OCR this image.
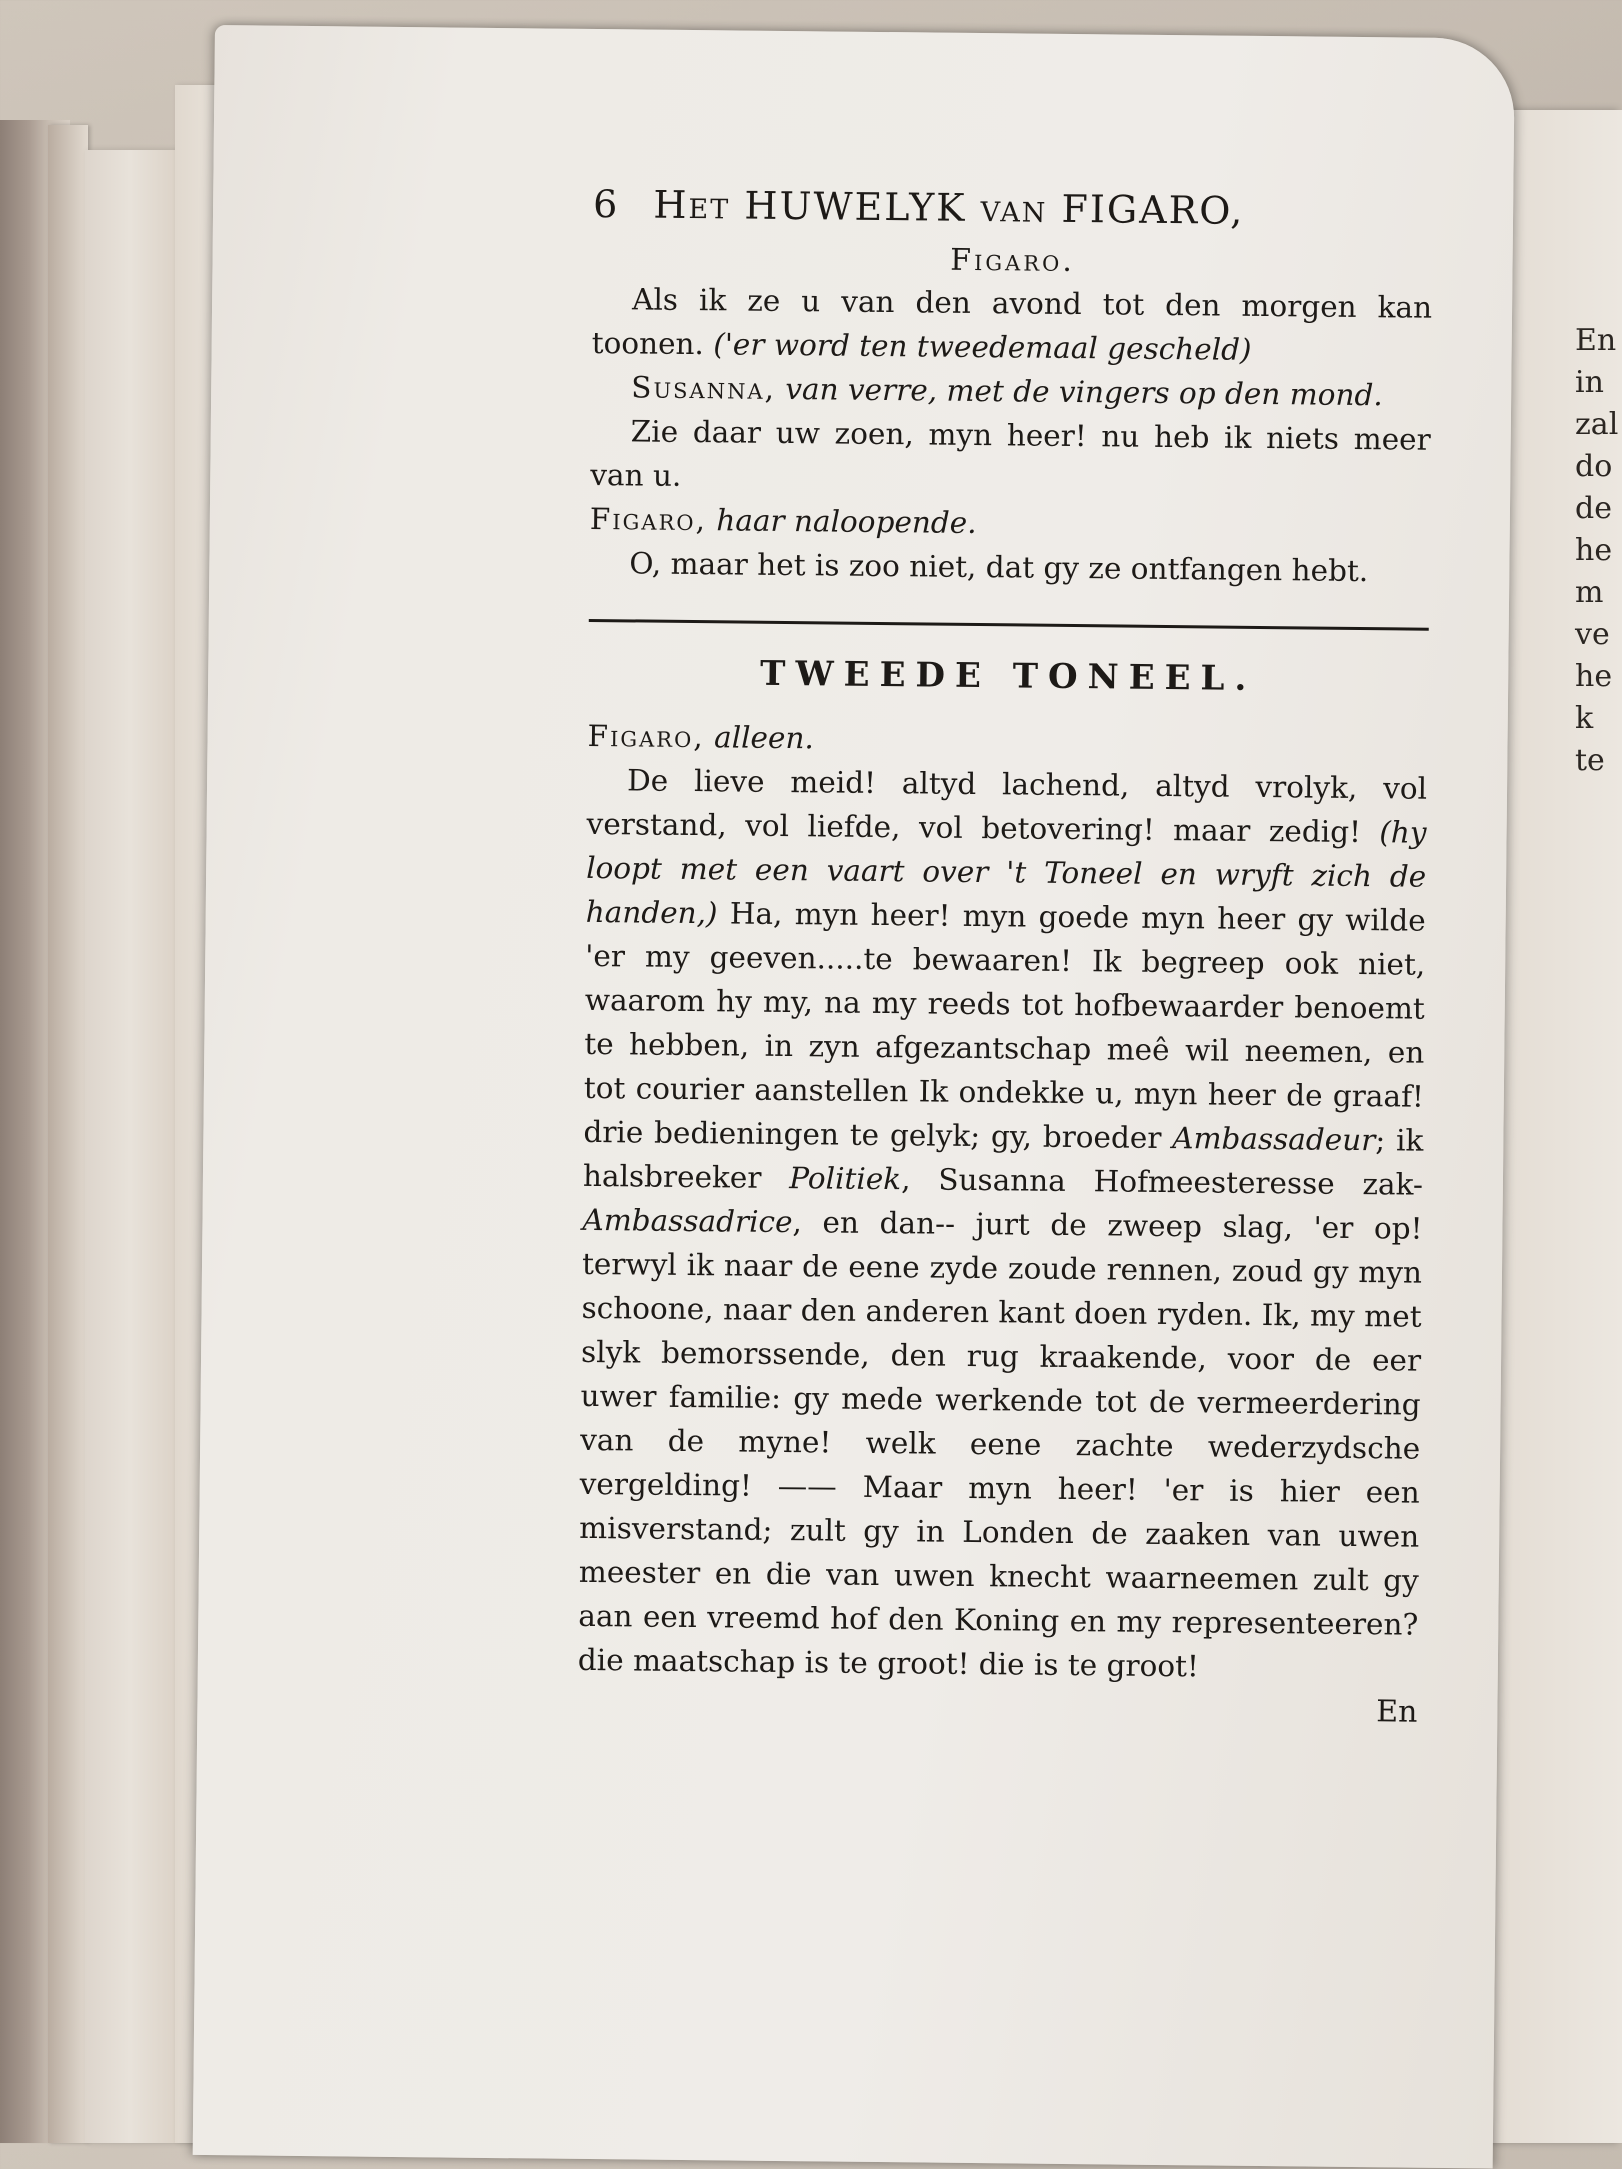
En
in
zal
do
de
he
m
ve
he
k
te
6 Het HUWELYK van FIGARO,
Figaro.
Als ik ze u van den avond tot den morgen kan toonen. ('er word ten tweedemaal gescheld)
Susanna, van verre, met de vingers op den mond.
Zie daar uw zoen, myn heer! nu heb ik niets meer van u.
Figaro, haar naloopende.
O, maar het is zoo niet, dat gy ze ontfangen hebt.
TWEEDE TONEEL.
Figaro, alleen.
De lieve meid! altyd lachend, altyd vrolyk, vol verstand, vol liefde, vol betovering! maar zedig! (hy loopt met een vaart over 't Toneel en wryft zich de handen,) Ha, myn heer! myn goede myn heer gy wilde 'er my geeven.....te bewaaren! Ik begreep ook niet, waarom hy my, na my reeds tot hofbewaarder benoemt te hebben, in zyn afgezantschap meê wil neemen, en tot courier aanstellen Ik ondekke u, myn heer de graaf! drie bedieningen te gelyk; gy, broeder Ambassadeur; ik halsbreeker Politiek, Susanna Hofmeesteresse zak-Ambassadrice, en dan-- jurt de zweep slag, 'er op! terwyl ik naar de eene zyde zoude rennen, zoud gy myn schoone, naar den anderen kant doen ryden. Ik, my met slyk bemorssende, den rug kraakende, voor de eer uwer familie: gy mede werkende tot de vermeerdering van de myne! welk eene zachte wederzydsche vergelding! —— Maar myn heer! 'er is hier een misverstand; zult gy in Londen de zaaken van uwen meester en die van uwen knecht waarneemen zult gy aan een vreemd hof den Koning en my representeeren? die maatschap is te groot! die is te groot!
En
